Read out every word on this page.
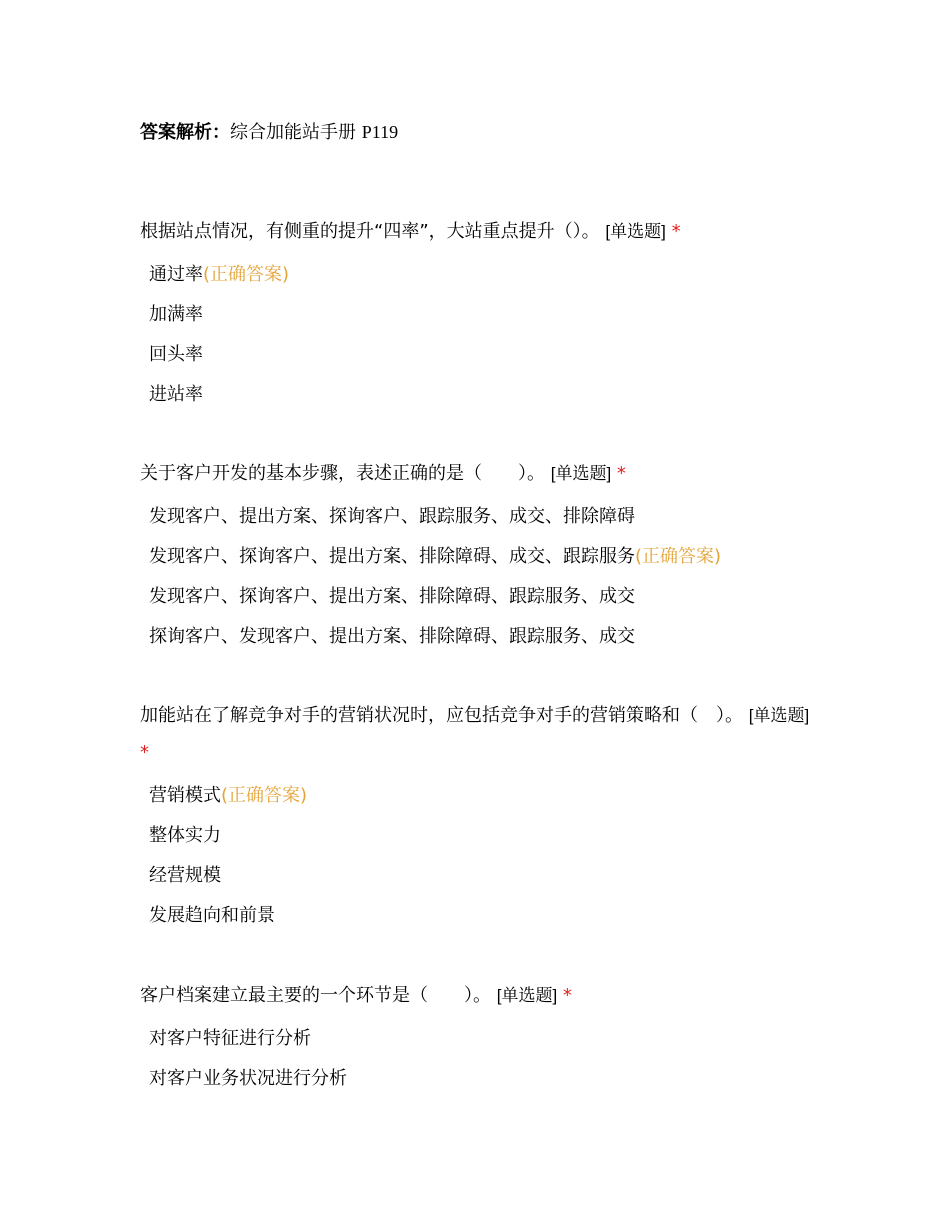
答案解析：综合加能站手册 P119

根据站点情况，有侧重的提升“四率”，大站重点提升（）。 [单选题] *

通过率(正确答案)
加满率
回头率
进站率

关于客户开发的基本步骤，表述正确的是（　　）。 [单选题] *

发现客户、提出方案、探询客户、跟踪服务、成交、排除障碍
发现客户、探询客户、提出方案、排除障碍、成交、跟踪服务(正确答案)
发现客户、探询客户、提出方案、排除障碍、跟踪服务、成交
探询客户、发现客户、提出方案、排除障碍、跟踪服务、成交

加能站在了解竞争对手的营销状况时，应包括竞争对手的营销策略和（　）。 [单选题] *

营销模式(正确答案)
整体实力
经营规模
发展趋向和前景

客户档案建立最主要的一个环节是（　　）。 [单选题] *

对客户特征进行分析
对客户业务状况进行分析
